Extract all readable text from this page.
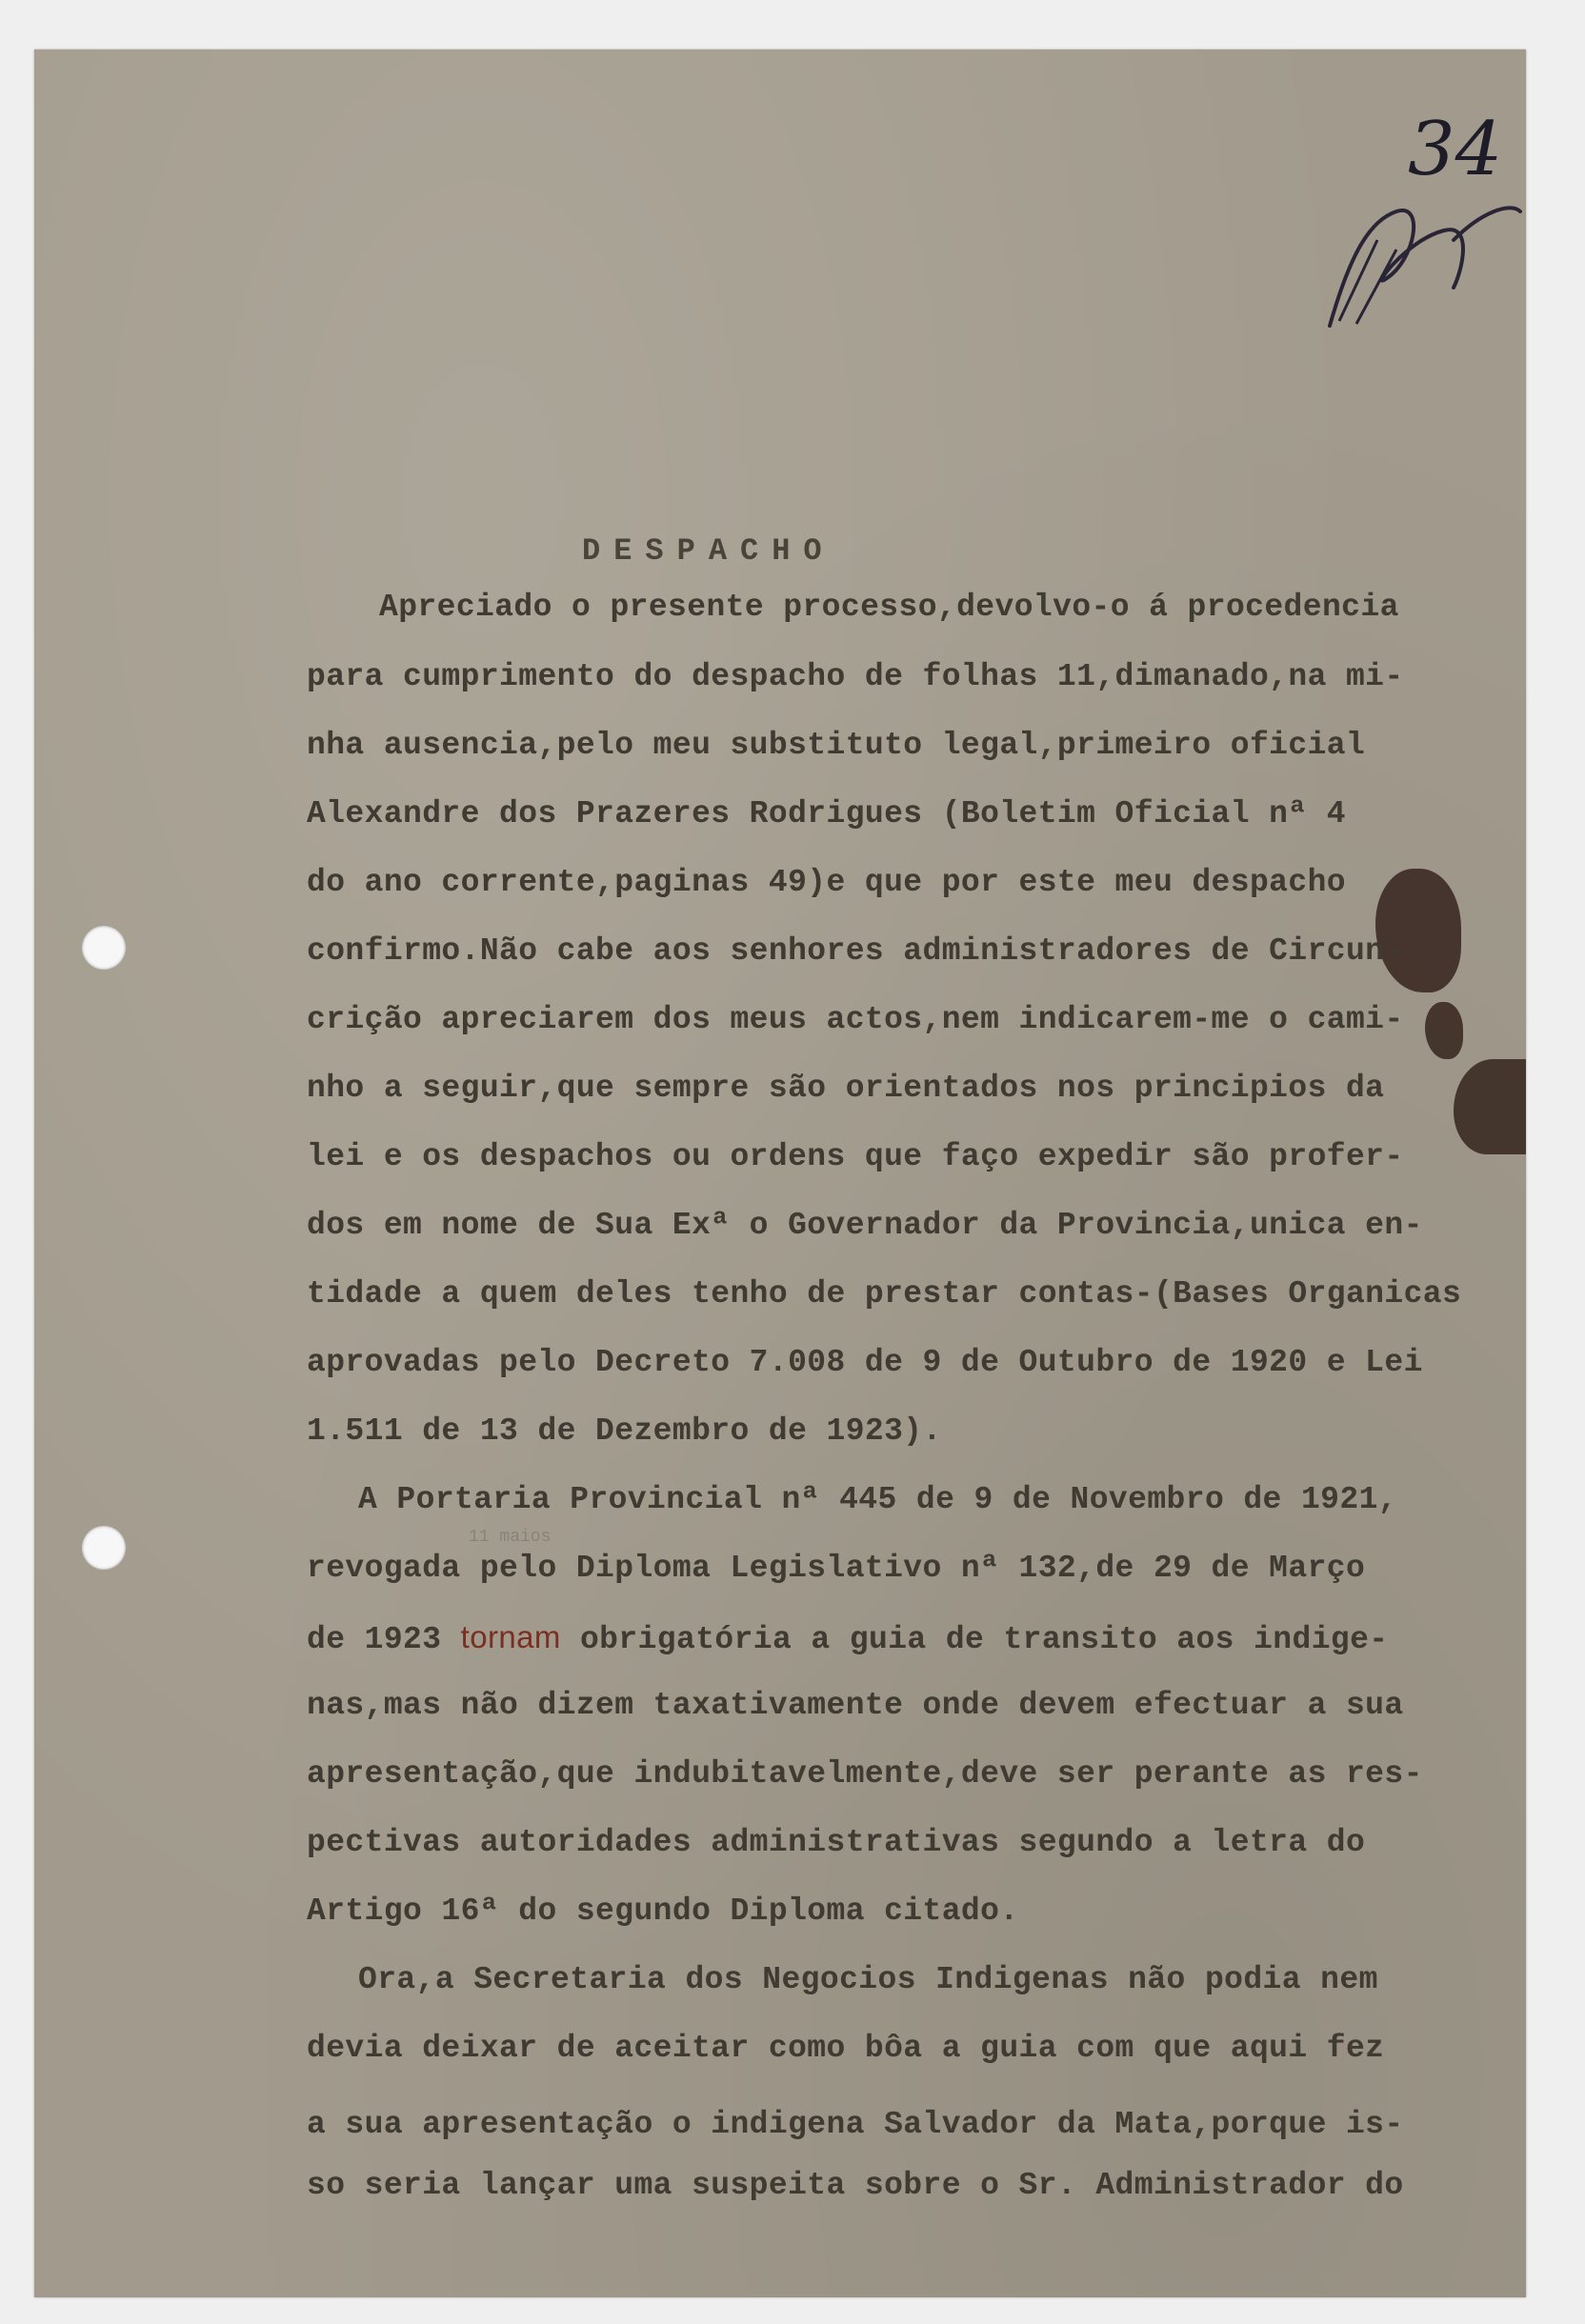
34
DESPACHO
Apreciado o presente processo,devolvo-o á procedencia
para cumprimento do despacho de folhas 11,dimanado,na mi-
nha ausencia,pelo meu substituto legal,primeiro oficial
Alexandre dos Prazeres Rodrigues (Boletim Oficial nª 4
do ano corrente,paginas 49)e que por este meu despacho
confirmo.Não cabe aos senhores administradores de Circun-
crição apreciarem dos meus actos,nem indicarem-me o cami-
nho a seguir,que sempre são orientados nos principios da
lei e os despachos ou ordens que faço expedir são profer-
dos em nome de Sua Exª o Governador da Provincia,unica en-
tidade a quem deles tenho de prestar contas-(Bases Organicas
aprovadas pelo Decreto 7.008 de 9 de Outubro de 1920 e Lei
1.511 de 13 de Dezembro de 1923).
A Portaria Provincial nª 445 de 9 de Novembro de 1921,
11 maios
revogada pelo Diploma Legislativo nª 132,de 29 de Março
de 1923 tornam obrigatória a guia de transito aos indige-
nas,mas não dizem taxativamente onde devem efectuar a sua
apresentação,que indubitavelmente,deve ser perante as res-
pectivas autoridades administrativas segundo a letra do
Artigo 16ª do segundo Diploma citado.
Ora,a Secretaria dos Negocios Indigenas não podia nem
devia deixar de aceitar como bôa a guia com que aqui fez
a sua apresentação o indigena Salvador da Mata,porque is-
so seria lançar uma suspeita sobre o Sr. Administrador do
